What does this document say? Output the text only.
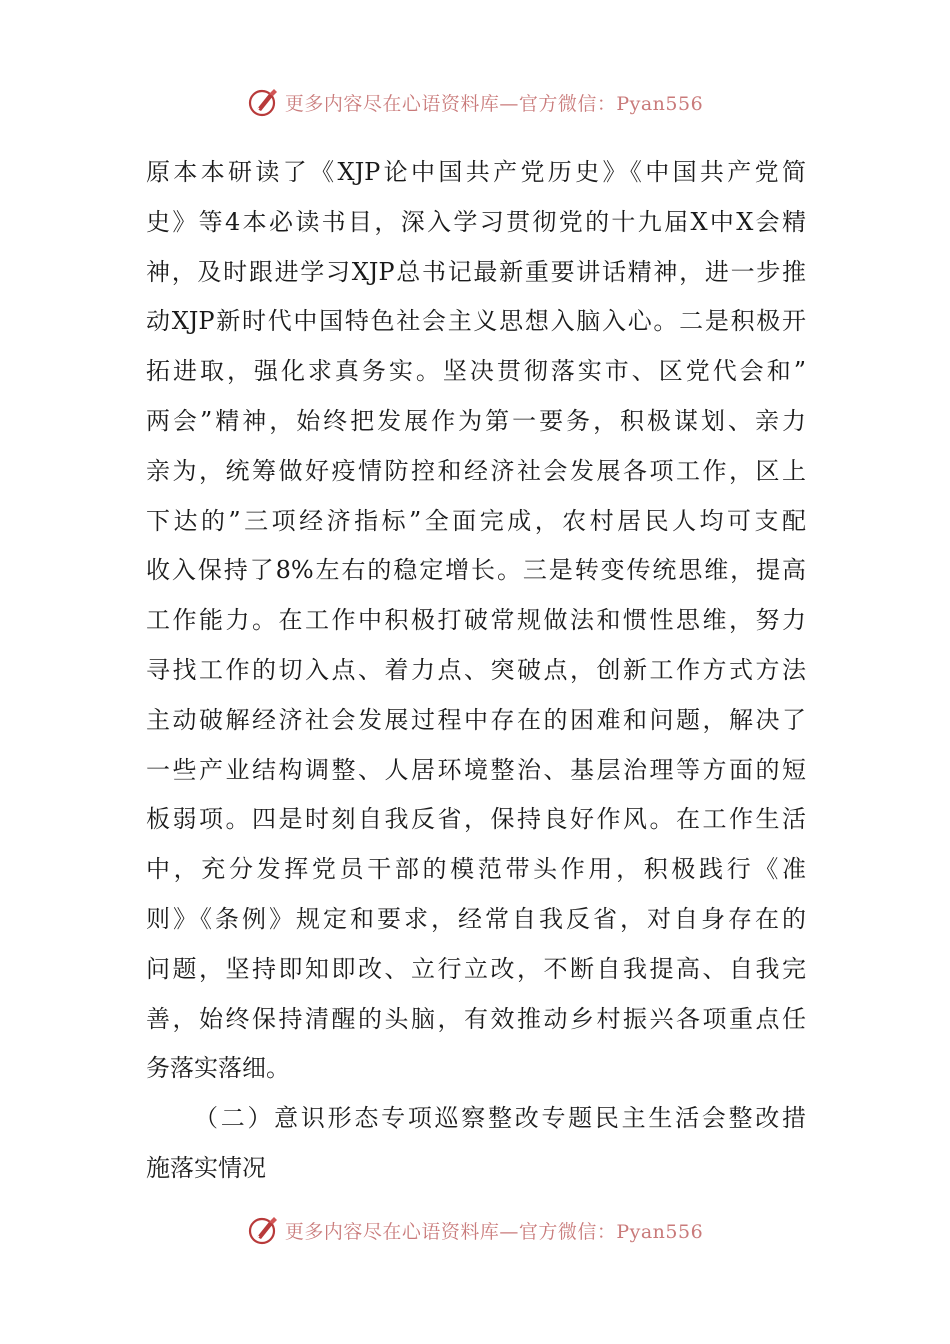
更多内容尽在心语资料库—官方微信：Pyan556
原本本研读了《XJP论中国共产党历史》《中国共产党简
史》等4本必读书目，深入学习贯彻党的十九届X中X会精
神，及时跟进学习XJP总书记最新重要讲话精神，进一步推
动XJP新时代中国特色社会主义思想入脑入心。二是积极开
拓进取，强化求真务实。坚决贯彻落实市、区党代会和”
两会”精神，始终把发展作为第一要务，积极谋划、亲力
亲为，统筹做好疫情防控和经济社会发展各项工作，区上
下达的”三项经济指标”全面完成，农村居民人均可支配
收入保持了8%左右的稳定增长。三是转变传统思维，提高
工作能力。在工作中积极打破常规做法和惯性思维，努力
寻找工作的切入点、着力点、突破点，创新工作方式方法
主动破解经济社会发展过程中存在的困难和问题，解决了
一些产业结构调整、人居环境整治、基层治理等方面的短
板弱项。四是时刻自我反省，保持良好作风。在工作生活
中，充分发挥党员干部的模范带头作用，积极践行《准
则》《条例》规定和要求，经常自我反省，对自身存在的
问题，坚持即知即改、立行立改，不断自我提高、自我完
善，始终保持清醒的头脑，有效推动乡村振兴各项重点任
务落实落细。
（二）意识形态专项巡察整改专题民主生活会整改措
施落实情况
更多内容尽在心语资料库—官方微信：Pyan556
